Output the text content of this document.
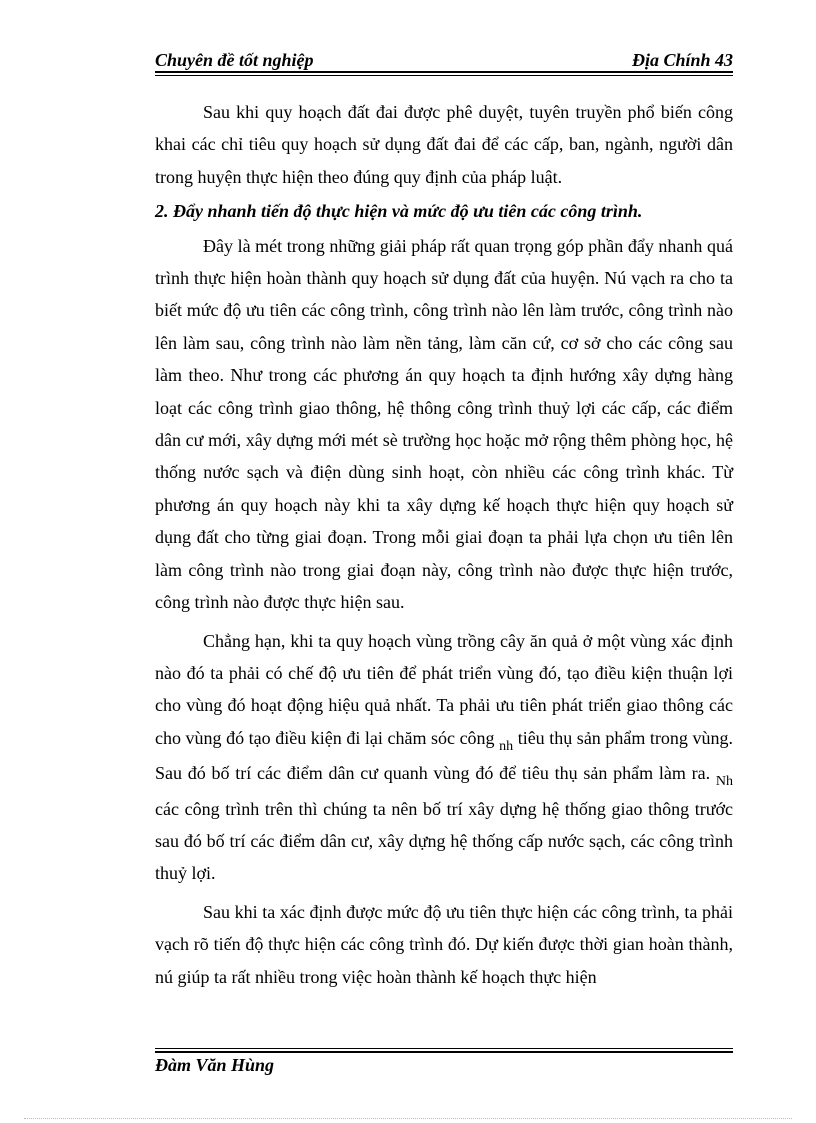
Chuyên đề tốt nghiệp	Địa Chính 43

Sau khi quy hoạch đất đai được phê duyệt, tuyên truyền phổ biến công khai các chỉ tiêu quy hoạch sử dụng đất đai để các cấp, ban, ngành, người dân trong huyện thực hiện theo đúng quy định của pháp luật.

2. Đẩy nhanh tiến độ thực hiện và mức độ ưu tiên các công trình.

Đây là mét trong những giải pháp rất quan trọng góp phần đẩy nhanh quá trình thực hiện hoàn thành quy hoạch sử dụng đất của huyện. Nú vạch ra cho ta biết mức độ ưu tiên các công trình, công trình nào lên làm trước, công trình nào lên làm sau, công trình nào làm nền tảng, làm căn cứ, cơ sở cho các công sau làm theo. Như trong các phương án quy hoạch ta định hướng xây dựng hàng loạt các công trình giao thông, hệ thông công trình thuỷ lợi các cấp, các điểm dân cư mới, xây dựng mới mét sè trường học hoặc mở rộng thêm phòng học, hệ thống nước sạch và điện dùng sinh hoạt, còn nhiều các công trình khác. Từ phương án quy hoạch này khi ta xây dựng kế hoạch thực hiện quy hoạch sử dụng đất cho từng giai đoạn. Trong mỗi giai đoạn ta phải lựa chọn ưu tiên lên làm công trình nào trong giai đoạn này, công trình nào được thực hiện trước, công trình nào được thực hiện sau.

Chẳng hạn, khi ta quy hoạch vùng trồng cây ăn quả ở một vùng xác định nào đó ta phải có chế độ ưu tiên để phát triển vùng đó, tạo điều kiện thuận lợi cho vùng đó hoạt động hiệu quả nhất. Ta phải ưu tiên phát triển giao thông các cho vùng đó tạo điều kiện đi lại chăm sóc công $_{nh}$ tiêu thụ sản phẩm trong vùng. Sau đó bố trí các điểm dân cư quanh vùng đó để tiêu thụ sản phẩm làm ra. $_{Nh}$ các công trình trên thì chúng ta nên bố trí xây dựng hệ thống giao thông trước sau đó bố trí các điểm dân cư, xây dựng hệ thống cấp nước sạch, các công trình thuỷ lợi.

Sau khi ta xác định được mức độ ưu tiên thực hiện các công trình, ta phải vạch rõ tiến độ thực hiện các công trình đó. Dự kiến được thời gian hoàn thành, nú giúp ta rất nhiều trong việc hoàn thành kế hoạch thực hiện

Đàm Văn Hùng
